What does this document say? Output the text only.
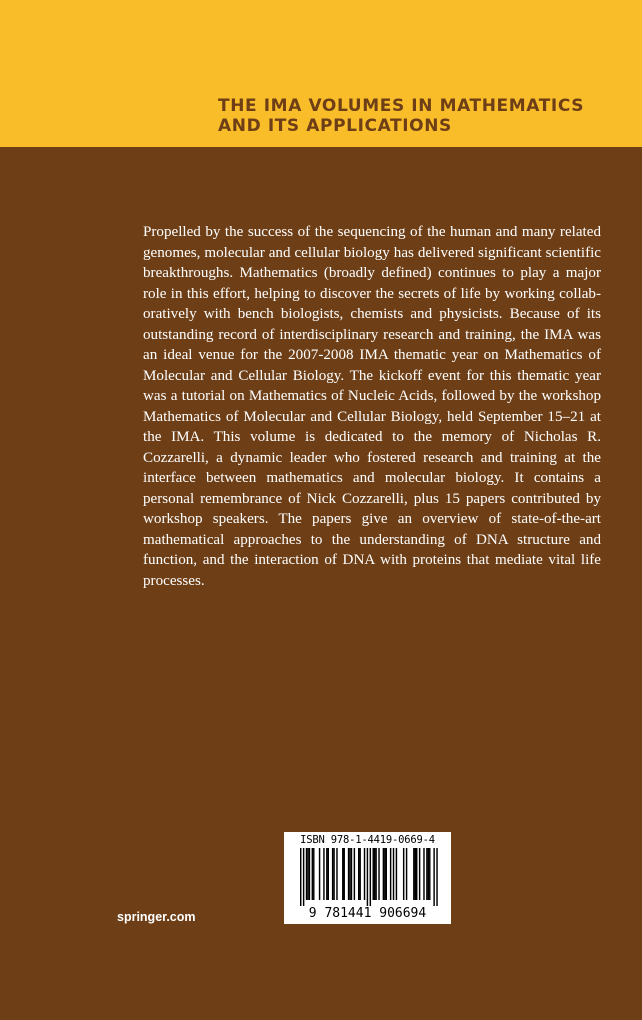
THE IMA VOLUMES IN MATHEMATICS
AND ITS APPLICATIONS

Propelled by the success of the sequencing of the human and many related genomes, molecular and cellular biology has delivered significant scientific breakthroughs. Mathematics (broadly defined) continues to play a major role in this effort, helping to discover the secrets of life by working collaboratively with bench biologists, chemists and physicists. Because of its outstanding record of interdisciplinary research and training, the IMA was an ideal venue for the 2007-2008 IMA thematic year on Mathematics of Molecular and Cellular Biology. The kickoff event for this thematic year was a tutorial on Mathematics of Nucleic Acids, followed by the workshop Mathematics of Molecular and Cellular Biology, held September 15–21 at the IMA. This volume is dedicated to the memory of Nicholas R. Cozzarelli, a dynamic leader who fostered research and training at the interface between mathematics and molecular biology. It contains a personal remembrance of Nick Cozzarelli, plus 15 papers contributed by workshop speakers. The papers give an overview of state-of-the-art mathematical approaches to the understanding of DNA structure and function, and the interaction of DNA with proteins that mediate vital life processes.

springer.com
ISBN 978-1-4419-0669-4
9 781441 906694
